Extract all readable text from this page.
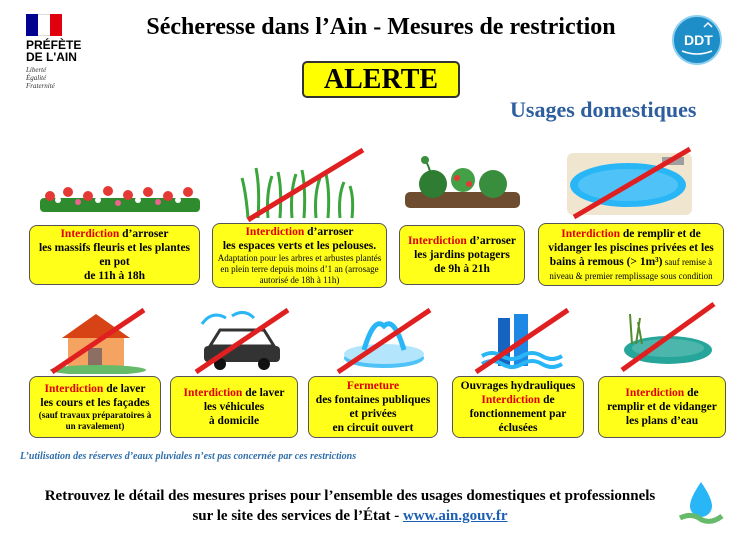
PRÉFÈTE
DE L'AIN
Liberté
Égalité
Fraternité
Sécheresse dans l’Ain - Mesures de restriction
ALERTE
DDT
Usages domestiques
Interdiction d’arroser
les massifs fleuris et les plantes en pot
de 11h à 18h
Interdiction d’arroser
les espaces verts et les pelouses.
Adaptation pour les arbres et arbustes plantés en plein terre depuis moins d’1 an (arrosage autorisé de 18h à 11h)
Interdiction d’arroser
les jardins potagers
de 9h à 21h
Interdiction de remplir et de vidanger les piscines privées et les bains à remous (> 1m³) sauf remise à niveau & premier remplissage sous condition
Interdiction de laver
les cours et les façades
(sauf travaux préparatoires à un ravalement)
Interdiction de laver
les véhicules
à domicile
Fermeture
des fontaines publiques et privées
en circuit ouvert
Ouvrages hydrauliques
Interdiction de fonctionnement par éclusées
Interdiction de
remplir et de vidanger les plans d’eau
L’utilisation des réserves d’eaux pluviales n’est pas concernée par ces restrictions
Retrouvez le détail des mesures prises pour l’ensemble des usages domestiques et professionnels
sur le site des services de l’État - www.ain.gouv.fr
